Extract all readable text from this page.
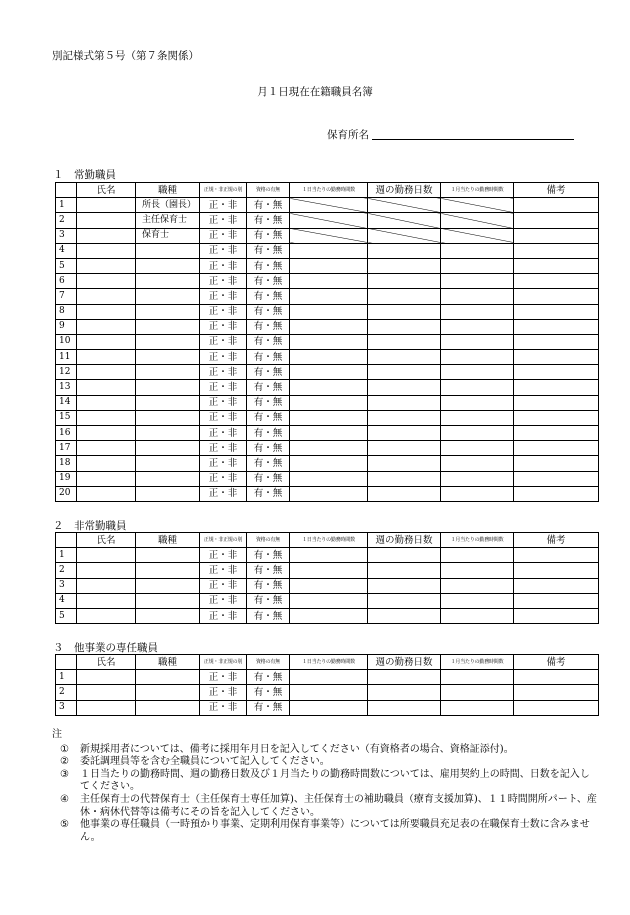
別記様式第５号（第７条関係）
月１日現在在籍職員名簿
保育所名
１　常勤職員
	氏名	職種	正規・非正規の別	資格の有無	１日当たりの勤務時間数	週の勤務日数	１月当たりの勤務時間数	備考
1		所長（園長）	正・非	有・無				
2		主任保育士	正・非	有・無				
3		保育士	正・非	有・無				
4			正・非	有・無				
5			正・非	有・無				
6			正・非	有・無				
7			正・非	有・無				
8			正・非	有・無				
9			正・非	有・無				
10			正・非	有・無				
11			正・非	有・無				
12			正・非	有・無				
13			正・非	有・無				
14			正・非	有・無				
15			正・非	有・無				
16			正・非	有・無				
17			正・非	有・無				
18			正・非	有・無				
19			正・非	有・無				
20			正・非	有・無				
２　非常勤職員
	氏名	職種	正規・非正規の別	資格の有無	１日当たりの勤務時間数	週の勤務日数	１月当たりの勤務時間数	備考
1			正・非	有・無				
2			正・非	有・無				
3			正・非	有・無				
4			正・非	有・無				
5			正・非	有・無				
３　他事業の専任職員
	氏名	職種	正規・非正規の別	資格の有無	１日当たりの勤務時間数	週の勤務日数	１月当たりの勤務時間数	備考
1			正・非	有・無				
2			正・非	有・無				
3			正・非	有・無				
注
① 新規採用者については、備考に採用年月日を記入してください（有資格者の場合、資格証添付)。
② 委託調理員等を含む全職員について記入してください。
③ １日当たりの勤務時間、週の勤務日数及び１月当たりの勤務時間数については、雇用契約上の時間、日数を記入してください。
④ 主任保育士の代替保育士（主任保育士専任加算)、主任保育士の補助職員（療育支援加算)、１１時間開所パート、産休・病休代替等は備考にその旨を記入してください。
⑤ 他事業の専任職員（一時預かり事業、定期利用保育事業等）については所要職員充足表の在職保育士数に含みません。
